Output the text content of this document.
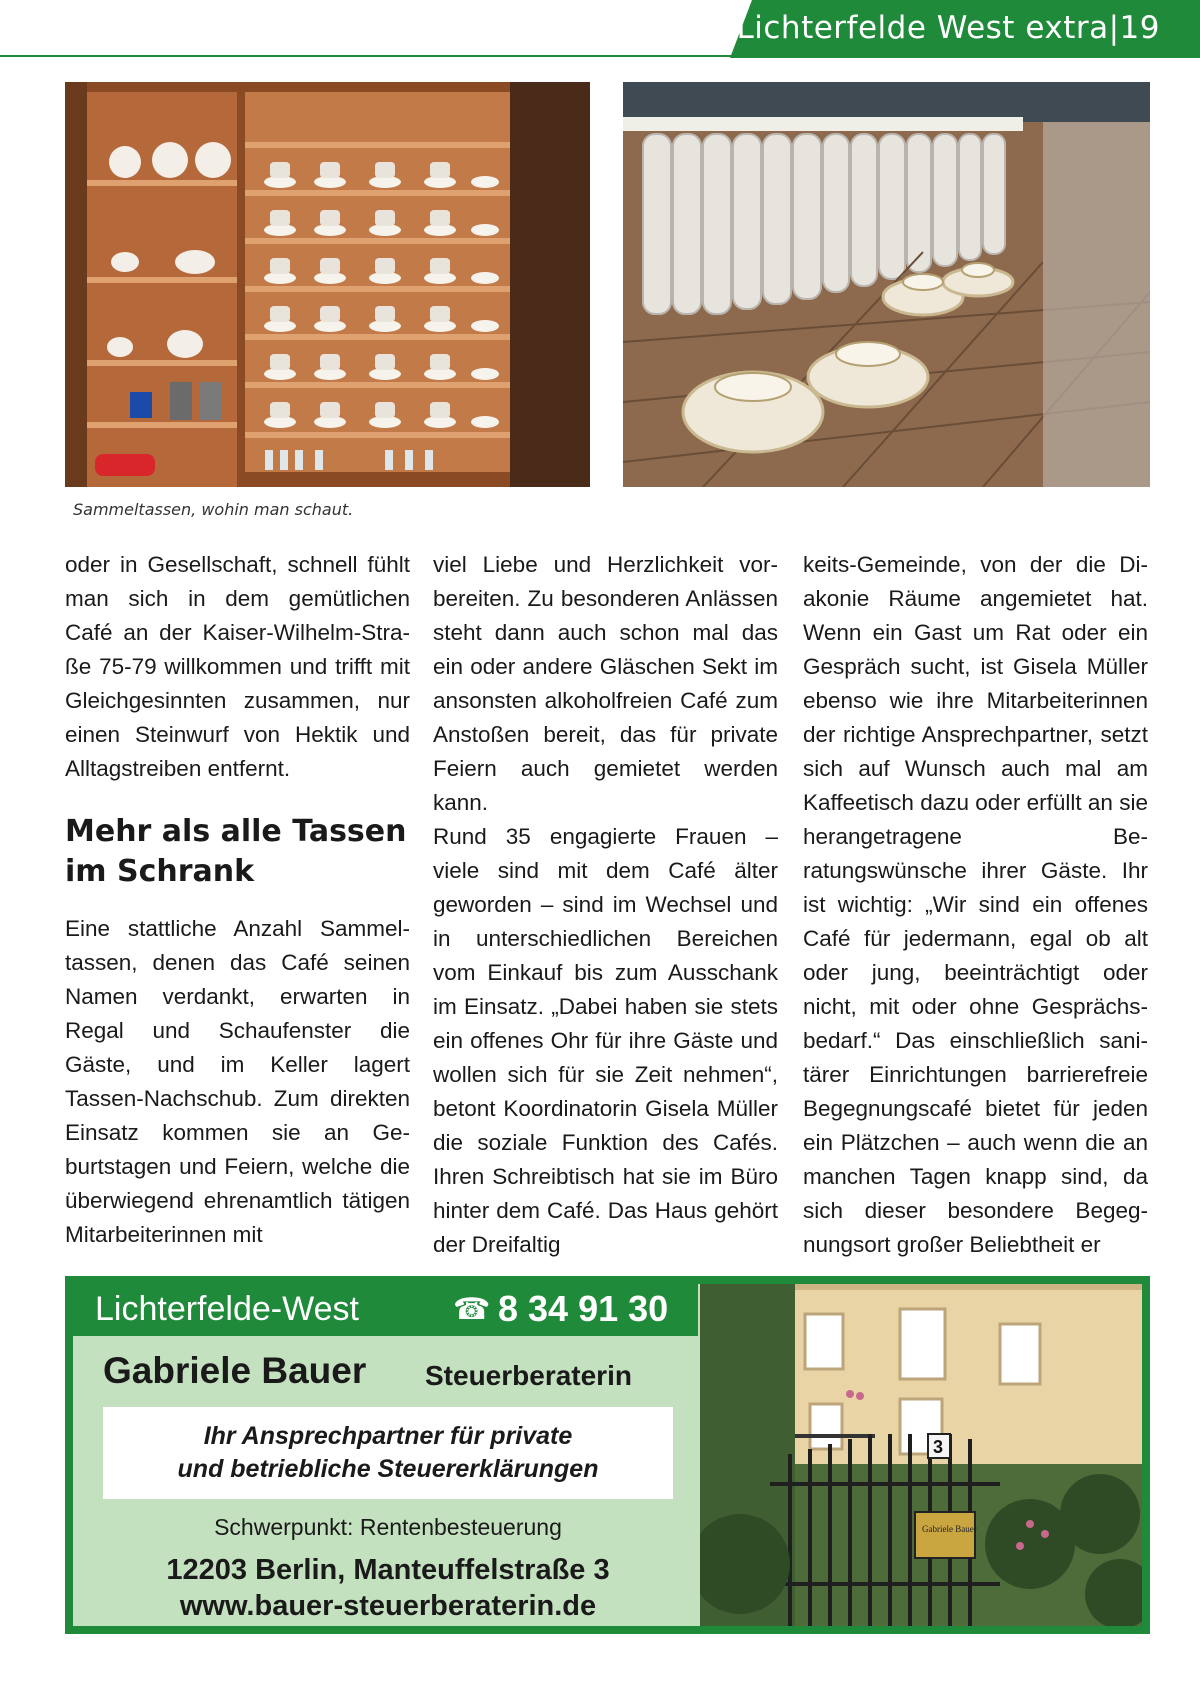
Lichterfelde West extra|19
Sammeltassen, wohin man schaut.

oder in Gesellschaft, schnell fühlt man sich in dem gemütlichen Café an der Kaiser-Wilhelm-Straße 75-79 willkommen und trifft mit Gleichgesinnten zusammen, nur einen Steinwurf von Hektik und Alltagstreiben entfernt.

Mehr als alle Tassen
im Schrank

Eine stattliche Anzahl Sammeltassen, denen das Café seinen Namen verdankt, erwarten in Regal und Schaufenster die Gäste, und im Keller lagert Tassen-Nachschub. Zum direkten Einsatz kommen sie an Geburtstagen und Feiern, welche die überwiegend ehrenamtlich tätigen Mitarbeiterinnen mit

viel Liebe und Herzlichkeit vorbereiten. Zu besonderen Anlässen steht dann auch schon mal das ein oder andere Gläschen Sekt im ansonsten alkoholfreien Café zum Anstoßen bereit, das für private Feiern auch gemietet werden kann.

Rund 35 engagierte Frauen – viele sind mit dem Café älter geworden – sind im Wechsel und in unterschiedlichen Bereichen vom Einkauf bis zum Ausschank im Einsatz. „Dabei haben sie stets ein offenes Ohr für ihre Gäste und wollen sich für sie Zeit nehmen“, betont Koordinatorin Gisela Müller die soziale Funktion des Cafés. Ihren Schreibtisch hat sie im Büro hinter dem Café. Das Haus gehört der Dreifaltig

keits-Gemeinde, von der die Diakonie Räume angemietet hat. Wenn ein Gast um Rat oder ein Gespräch sucht, ist Gisela Müller ebenso wie ihre Mitarbeiterinnen der richtige Ansprechpartner, setzt sich auf Wunsch auch mal am Kaffeetisch dazu oder erfüllt an sie herangetragene Beratungswünsche ihrer Gäste. Ihr ist wichtig: „Wir sind ein offenes Café für jedermann, egal ob alt oder jung, beeinträchtigt oder nicht, mit oder ohne Gesprächsbedarf.“ Das einschließlich sanitärer Einrichtungen barrierefreie Begegnungscafé bietet für jeden ein Plätzchen – auch wenn die an manchen Tagen knapp sind, da sich dieser besondere Begegnungsort großer Beliebtheit er

Lichterfelde-West	☎ 8 34 91 30
Gabriele Bauer Steuerberaterin
Ihr Ansprechpartner für private
und betriebliche Steuererklärungen
Schwerpunkt: Rentenbesteuerung
12203 Berlin, Manteuffelstraße 3
www.bauer-steuerberaterin.de
3
Gabriele Bauer
